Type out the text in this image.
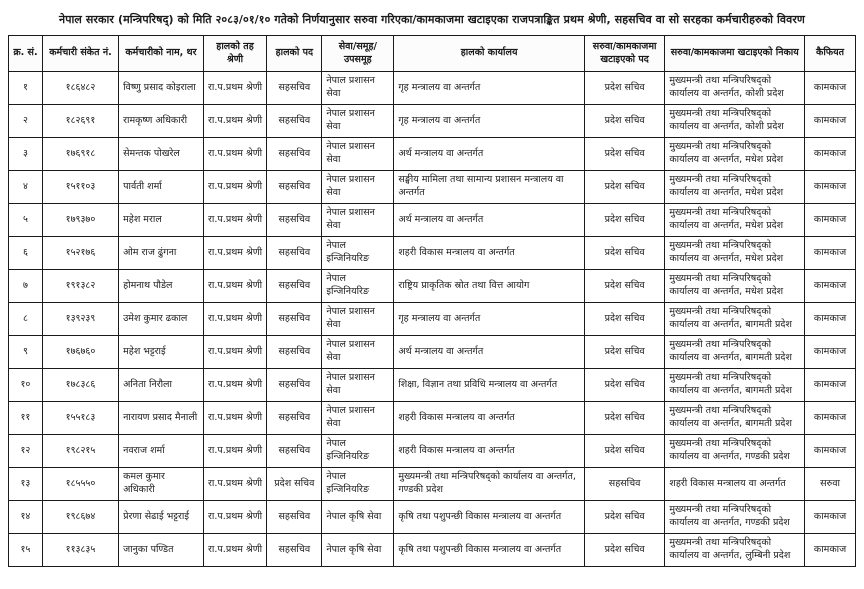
नेपाल सरकार (मन्त्रिपरिषद्) को मिति २०८३/०१/१० गतेको निर्णयानुसार सरुवा गरिएका/कामकाजमा खटाइएका राजपत्राङ्कित प्रथम श्रेणी, सहसचिव वा सो सरहका कर्मचारीहरुको विवरण
क्र. सं.	कर्मचारी संकेत नं.	कर्मचारीको नाम, थर	हालको तह श्रेणी	हालको पद	सेवा/समूह/ उपसमूह	हालको कार्यालय	सरुवा/कामकाजमा खटाइएको पद	सरुवा/कामकाजमा खटाइएको निकाय	कैफियत
१	१८६४८२	विष्णु प्रसाद कोइराला	रा.प.प्रथम श्रेणी	सहसचिव	नेपाल प्रशासन सेवा	गृह मन्त्रालय वा अन्तर्गत	प्रदेश सचिव	मुख्यमन्त्री तथा मन्त्रिपरिषद्को कार्यालय वा अन्तर्गत, कोशी प्रदेश	कामकाज
२	१८२६९१	रामकृष्ण अधिकारी	रा.प.प्रथम श्रेणी	सहसचिव	नेपाल प्रशासन सेवा	गृह मन्त्रालय वा अन्तर्गत	प्रदेश सचिव	मुख्यमन्त्री तथा मन्त्रिपरिषद्को कार्यालय वा अन्तर्गत, कोशी प्रदेश	कामकाज
३	१७६९१८	सेमन्तक पोखरेल	रा.प.प्रथम श्रेणी	सहसचिव	नेपाल प्रशासन सेवा	अर्थ मन्त्रालय वा अन्तर्गत	प्रदेश सचिव	मुख्यमन्त्री तथा मन्त्रिपरिषद्को कार्यालय वा अन्तर्गत, मधेश प्रदेश	कामकाज
४	१५११०३	पार्वती शर्मा	रा.प.प्रथम श्रेणी	सहसचिव	नेपाल प्रशासन सेवा	सङ्घीय मामिला तथा सामान्य प्रशासन मन्त्रालय वा अन्तर्गत	प्रदेश सचिव	मुख्यमन्त्री तथा मन्त्रिपरिषद्को कार्यालय वा अन्तर्गत, मधेश प्रदेश	कामकाज
५	१७९३७०	महेश मराल	रा.प.प्रथम श्रेणी	सहसचिव	नेपाल प्रशासन सेवा	अर्थ मन्त्रालय वा अन्तर्गत	प्रदेश सचिव	मुख्यमन्त्री तथा मन्त्रिपरिषद्को कार्यालय वा अन्तर्गत, मधेश प्रदेश	कामकाज
६	१५२१७६	ओम राज ढुंगना	रा.प.प्रथम श्रेणी	सहसचिव	नेपाल इन्जिनियरिङ	शहरी विकास मन्त्रालय वा अन्तर्गत	प्रदेश सचिव	मुख्यमन्त्री तथा मन्त्रिपरिषद्को कार्यालय वा अन्तर्गत, मधेश प्रदेश	कामकाज
७	१९१३८२	होमनाथ पौडेल	रा.प.प्रथम श्रेणी	सहसचिव	नेपाल इन्जिनियरिङ	राष्ट्रिय प्राकृतिक स्रोत तथा वित्त आयोग	प्रदेश सचिव	मुख्यमन्त्री तथा मन्त्रिपरिषद्को कार्यालय वा अन्तर्गत, मधेश प्रदेश	कामकाज
८	१३९२३९	उमेश कुमार ढकाल	रा.प.प्रथम श्रेणी	सहसचिव	नेपाल प्रशासन सेवा	गृह मन्त्रालय वा अन्तर्गत	प्रदेश सचिव	मुख्यमन्त्री तथा मन्त्रिपरिषद्को कार्यालय वा अन्तर्गत, बागमती प्रदेश	कामकाज
९	१७६७६०	महेश भट्टराई	रा.प.प्रथम श्रेणी	सहसचिव	नेपाल प्रशासन सेवा	अर्थ मन्त्रालय वा अन्तर्गत	प्रदेश सचिव	मुख्यमन्त्री तथा मन्त्रिपरिषद्को कार्यालय वा अन्तर्गत, बागमती प्रदेश	कामकाज
१०	१७८३८६	अनिता निरौला	रा.प.प्रथम श्रेणी	सहसचिव	नेपाल प्रशासन सेवा	शिक्षा, विज्ञान तथा प्रविधि मन्त्रालय वा अन्तर्गत	प्रदेश सचिव	मुख्यमन्त्री तथा मन्त्रिपरिषद्को कार्यालय वा अन्तर्गत, बागमती प्रदेश	कामकाज
११	१५५१८३	नारायण प्रसाद मैनाली	रा.प.प्रथम श्रेणी	सहसचिव	नेपाल प्रशासन सेवा	शहरी विकास मन्त्रालय वा अन्तर्गत	प्रदेश सचिव	मुख्यमन्त्री तथा मन्त्रिपरिषद्को कार्यालय वा अन्तर्गत, बागमती प्रदेश	कामकाज
१२	१९८२१५	नवराज शर्मा	रा.प.प्रथम श्रेणी	सहसचिव	नेपाल इन्जिनियरिङ	शहरी विकास मन्त्रालय वा अन्तर्गत	प्रदेश सचिव	मुख्यमन्त्री तथा मन्त्रिपरिषद्को कार्यालय वा अन्तर्गत, गण्डकी प्रदेश	कामकाज
१३	१८५५५०	कमल कुमार अधिकारी	रा.प.प्रथम श्रेणी	प्रदेश सचिव	नेपाल इन्जिनियरिङ	मुख्यमन्त्री तथा मन्त्रिपरिषद्को कार्यालय वा अन्तर्गत, गण्डकी प्रदेश	सहसचिव	शहरी विकास मन्त्रालय वा अन्तर्गत	सरुवा
१४	१९८६७४	प्रेरणा सेढाई भट्टराई	रा.प.प्रथम श्रेणी	सहसचिव	नेपाल कृषि सेवा	कृषि तथा पशुपन्छी विकास मन्त्रालय वा अन्तर्गत	प्रदेश सचिव	मुख्यमन्त्री तथा मन्त्रिपरिषद्को कार्यालय वा अन्तर्गत, गण्डकी प्रदेश	कामकाज
१५	११३८३५	जानुका पण्डित	रा.प.प्रथम श्रेणी	सहसचिव	नेपाल कृषि सेवा	कृषि तथा पशुपन्छी विकास मन्त्रालय वा अन्तर्गत	प्रदेश सचिव	मुख्यमन्त्री तथा मन्त्रिपरिषद्को कार्यालय वा अन्तर्गत, लुम्बिनी प्रदेश	कामकाज
